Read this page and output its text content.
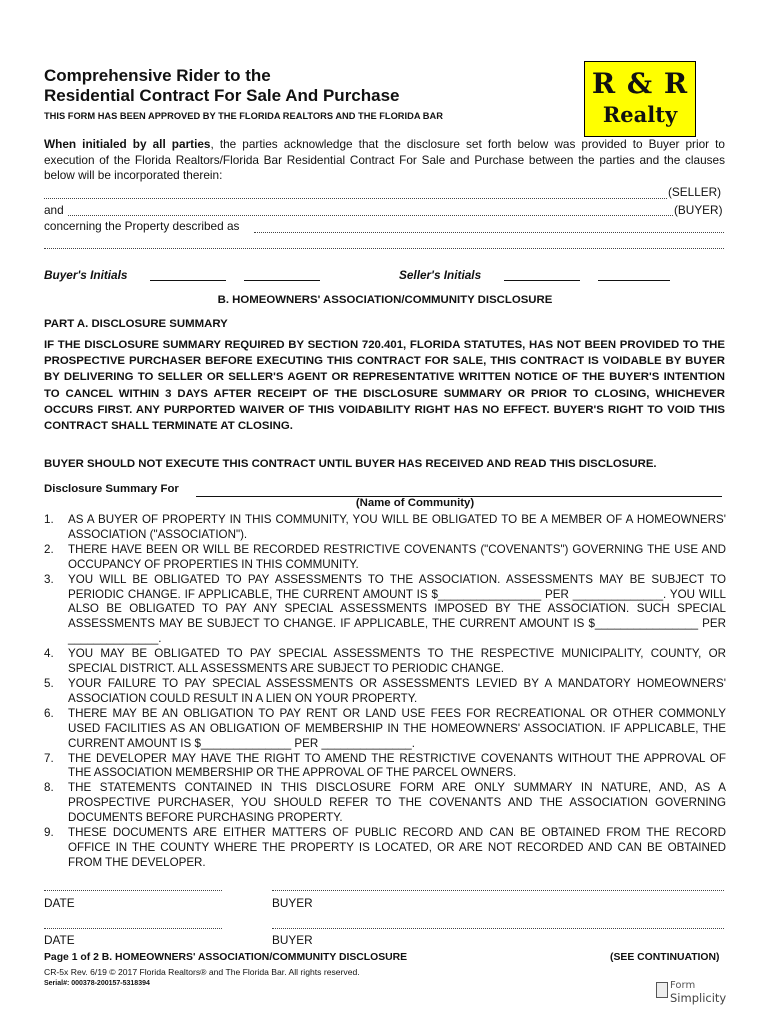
Comprehensive Rider to the
Residential Contract For Sale And Purchase
THIS FORM HAS BEEN APPROVED BY THE FLORIDA REALTORS AND THE FLORIDA BAR
R & R
Realty
When initialed by all parties, the parties acknowledge that the disclosure set forth below was provided to Buyer prior to execution of the Florida Realtors/Florida Bar Residential Contract For Sale and Purchase between the parties and the clauses below will be incorporated therein:
(SELLER)
and	(BUYER)
concerning the Property described as
Buyer's Initials	Seller's Initials
B. HOMEOWNERS' ASSOCIATION/COMMUNITY DISCLOSURE
PART A. DISCLOSURE SUMMARY
IF THE DISCLOSURE SUMMARY REQUIRED BY SECTION 720.401, FLORIDA STATUTES, HAS NOT BEEN PROVIDED TO THE PROSPECTIVE PURCHASER BEFORE EXECUTING THIS CONTRACT FOR SALE, THIS CONTRACT IS VOIDABLE BY BUYER BY DELIVERING TO SELLER OR SELLER'S AGENT OR REPRESENTATIVE WRITTEN NOTICE OF THE BUYER'S INTENTION TO CANCEL WITHIN 3 DAYS AFTER RECEIPT OF THE DISCLOSURE SUMMARY OR PRIOR TO CLOSING, WHICHEVER OCCURS FIRST. ANY PURPORTED WAIVER OF THIS VOIDABILITY RIGHT HAS NO EFFECT. BUYER'S RIGHT TO VOID THIS CONTRACT SHALL TERMINATE AT CLOSING.
BUYER SHOULD NOT EXECUTE THIS CONTRACT UNTIL BUYER HAS RECEIVED AND READ THIS DISCLOSURE.
Disclosure Summary For
(Name of Community)
1. AS A BUYER OF PROPERTY IN THIS COMMUNITY, YOU WILL BE OBLIGATED TO BE A MEMBER OF A HOMEOWNERS' ASSOCIATION ("ASSOCIATION").
2. THERE HAVE BEEN OR WILL BE RECORDED RESTRICTIVE COVENANTS ("COVENANTS") GOVERNING THE USE AND OCCUPANCY OF PROPERTIES IN THIS COMMUNITY.
3. YOU WILL BE OBLIGATED TO PAY ASSESSMENTS TO THE ASSOCIATION. ASSESSMENTS MAY BE SUBJECT TO PERIODIC CHANGE. IF APPLICABLE, THE CURRENT AMOUNT IS $________________ PER ______________. YOU WILL ALSO BE OBLIGATED TO PAY ANY SPECIAL ASSESSMENTS IMPOSED BY THE ASSOCIATION. SUCH SPECIAL ASSESSMENTS MAY BE SUBJECT TO CHANGE. IF APPLICABLE, THE CURRENT AMOUNT IS $________________ PER ______________.
4. YOU MAY BE OBLIGATED TO PAY SPECIAL ASSESSMENTS TO THE RESPECTIVE MUNICIPALITY, COUNTY, OR SPECIAL DISTRICT. ALL ASSESSMENTS ARE SUBJECT TO PERIODIC CHANGE.
5. YOUR FAILURE TO PAY SPECIAL ASSESSMENTS OR ASSESSMENTS LEVIED BY A MANDATORY HOMEOWNERS' ASSOCIATION COULD RESULT IN A LIEN ON YOUR PROPERTY.
6. THERE MAY BE AN OBLIGATION TO PAY RENT OR LAND USE FEES FOR RECREATIONAL OR OTHER COMMONLY USED FACILITIES AS AN OBLIGATION OF MEMBERSHIP IN THE HOMEOWNERS' ASSOCIATION. IF APPLICABLE, THE CURRENT AMOUNT IS $______________ PER ______________.
7. THE DEVELOPER MAY HAVE THE RIGHT TO AMEND THE RESTRICTIVE COVENANTS WITHOUT THE APPROVAL OF THE ASSOCIATION MEMBERSHIP OR THE APPROVAL OF THE PARCEL OWNERS.
8. THE STATEMENTS CONTAINED IN THIS DISCLOSURE FORM ARE ONLY SUMMARY IN NATURE, AND, AS A PROSPECTIVE PURCHASER, YOU SHOULD REFER TO THE COVENANTS AND THE ASSOCIATION GOVERNING DOCUMENTS BEFORE PURCHASING PROPERTY.
9. THESE DOCUMENTS ARE EITHER MATTERS OF PUBLIC RECORD AND CAN BE OBTAINED FROM THE RECORD OFFICE IN THE COUNTY WHERE THE PROPERTY IS LOCATED, OR ARE NOT RECORDED AND CAN BE OBTAINED FROM THE DEVELOPER.
DATE	BUYER
DATE	BUYER
Page 1 of 2 B. HOMEOWNERS' ASSOCIATION/COMMUNITY DISCLOSURE	(SEE CONTINUATION)
CR-5x Rev. 6/19 © 2017 Florida Realtors® and The Florida Bar. All rights reserved.
Serial#: 000378-200157-5318394	Form
Simplicity
